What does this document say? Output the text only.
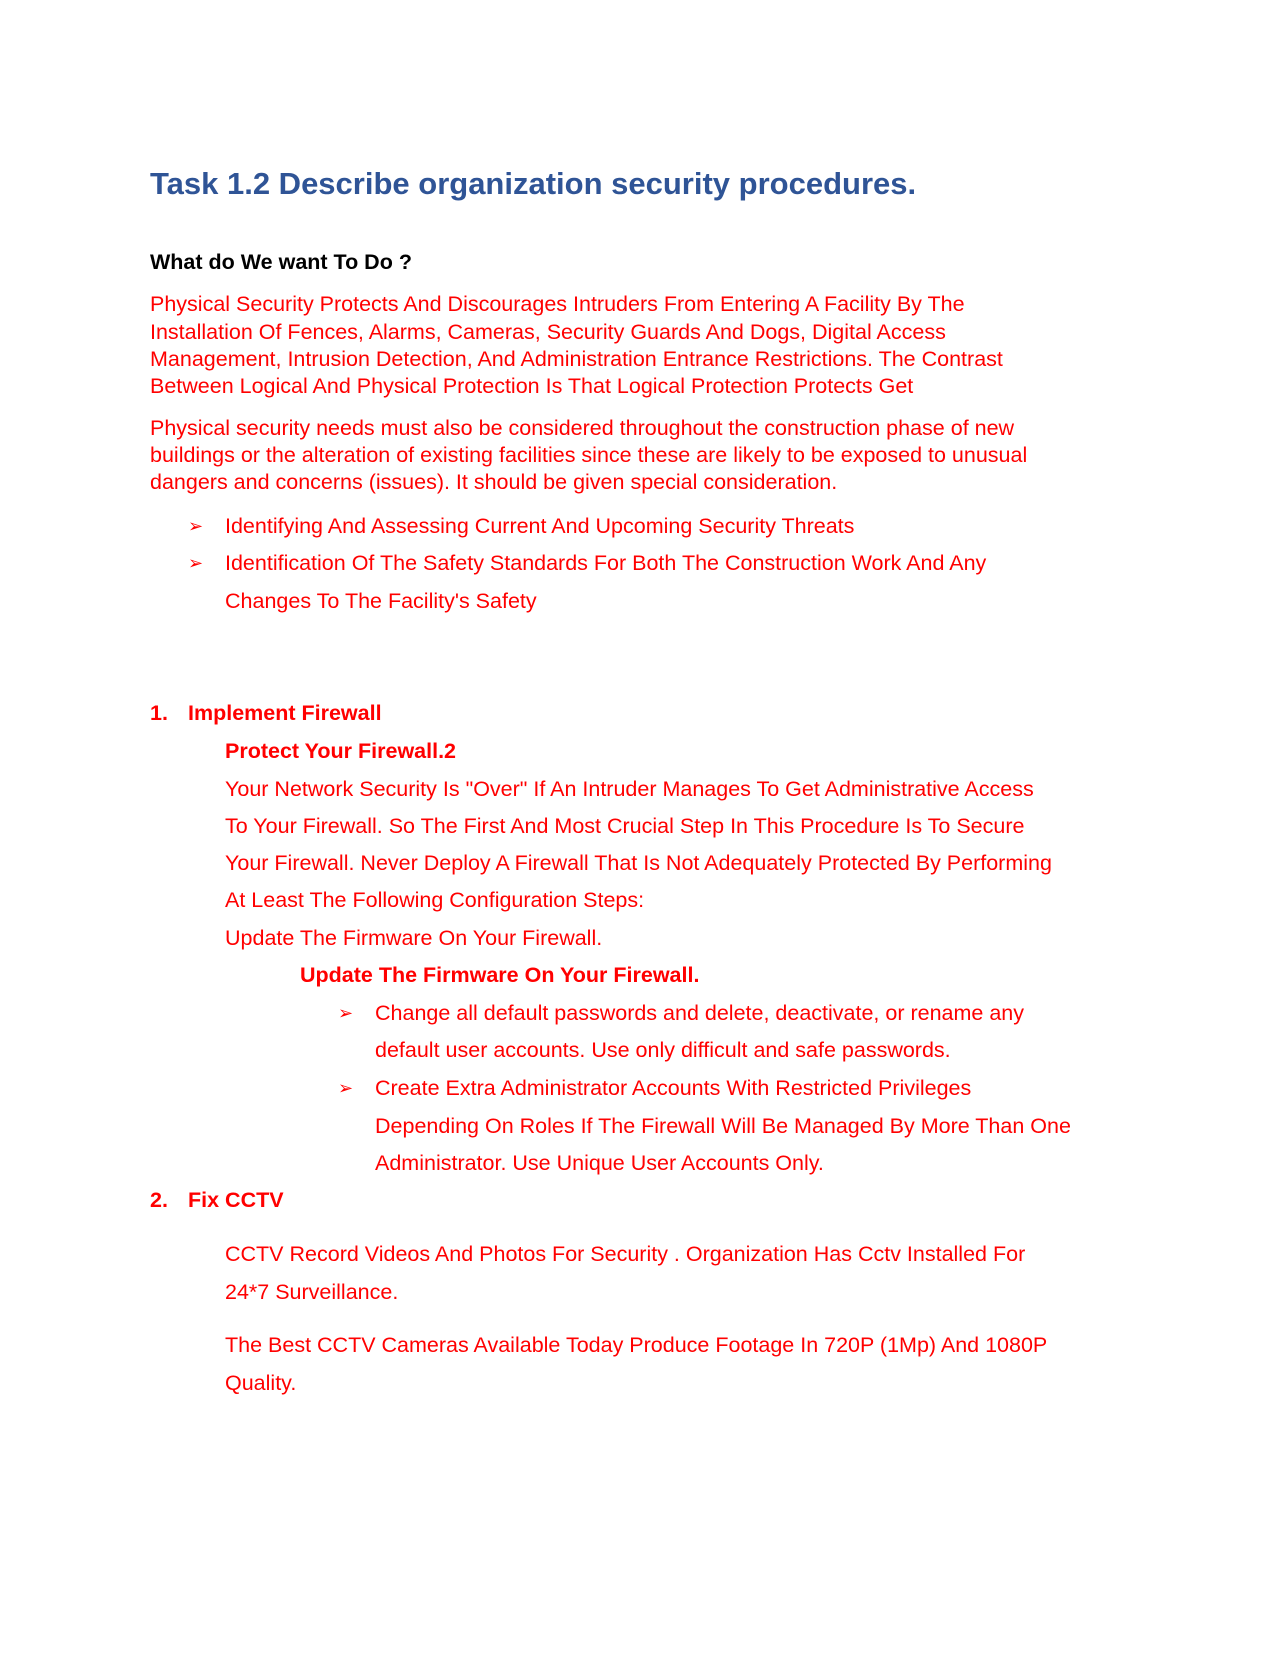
Task 1.2 Describe organization security procedures.
What do We want To Do ?
Physical Security Protects And Discourages Intruders From Entering A Facility By The
Installation Of Fences, Alarms, Cameras, Security Guards And Dogs, Digital Access
Management, Intrusion Detection, And Administration Entrance Restrictions. The Contrast
Between Logical And Physical Protection Is That Logical Protection Protects Get
Physical security needs must also be considered throughout the construction phase of new
buildings or the alteration of existing facilities since these are likely to be exposed to unusual
dangers and concerns (issues). It should be given special consideration.
➢ Identifying And Assessing Current And Upcoming Security Threats
➢ Identification Of The Safety Standards For Both The Construction Work And Any
Changes To The Facility's Safety
1. Implement Firewall
Protect Your Firewall.2
Your Network Security Is "Over" If An Intruder Manages To Get Administrative Access
To Your Firewall. So The First And Most Crucial Step In This Procedure Is To Secure
Your Firewall. Never Deploy A Firewall That Is Not Adequately Protected By Performing
At Least The Following Configuration Steps:
Update The Firmware On Your Firewall.
Update The Firmware On Your Firewall.
➢ Change all default passwords and delete, deactivate, or rename any
default user accounts. Use only difficult and safe passwords.
➢ Create Extra Administrator Accounts With Restricted Privileges
Depending On Roles If The Firewall Will Be Managed By More Than One
Administrator. Use Unique User Accounts Only.
2. Fix CCTV
CCTV Record Videos And Photos For Security . Organization Has Cctv Installed For
24*7 Surveillance.
The Best CCTV Cameras Available Today Produce Footage In 720P (1Mp) And 1080P
Quality.
